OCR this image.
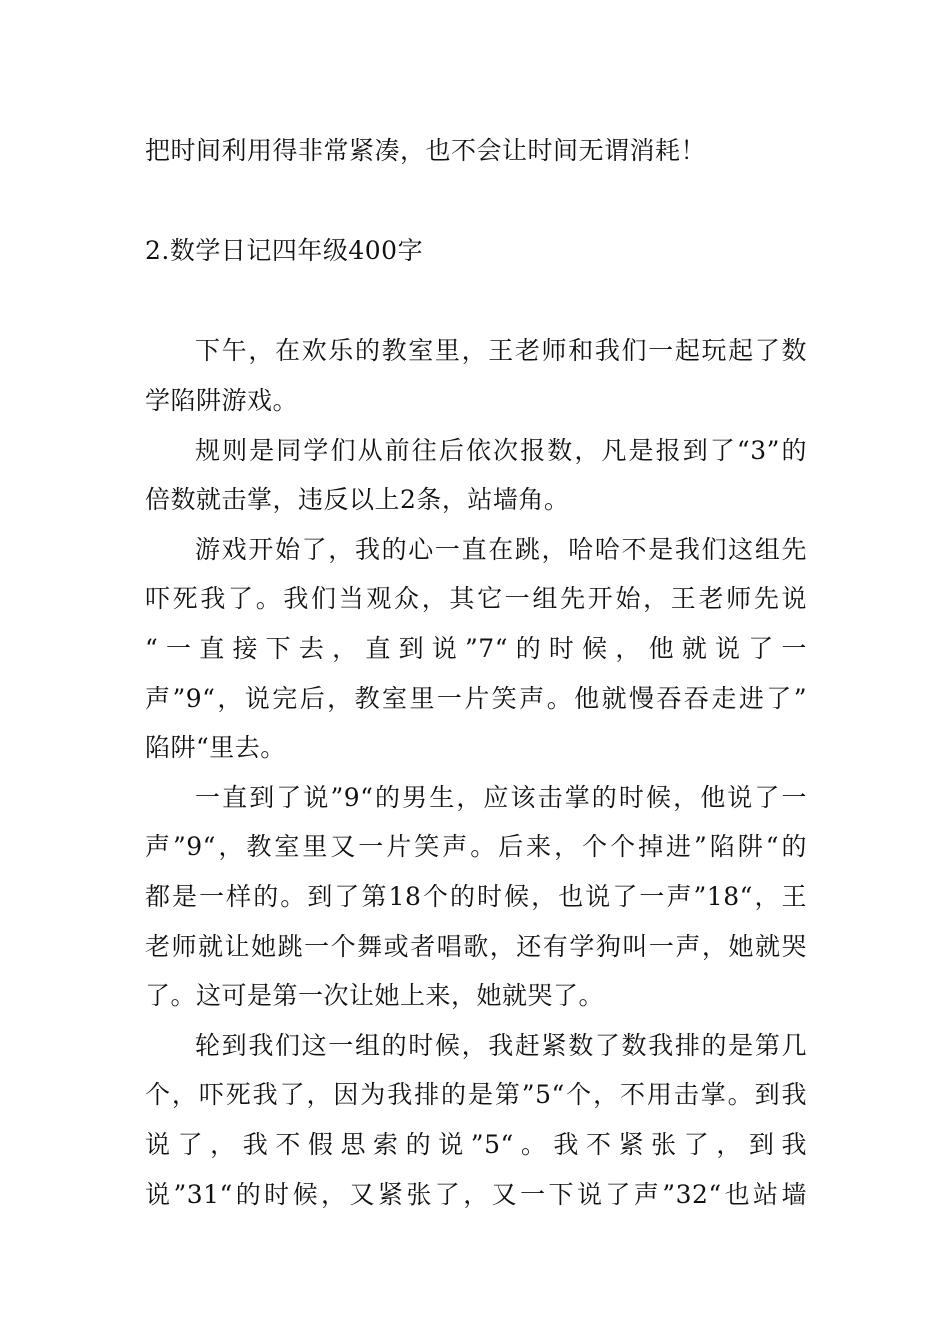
把时间利用得非常紧凑，也不会让时间无谓消耗！
2.数学日记四年级400字
下午，在欢乐的教室里，王老师和我们一起玩起了数
学陷阱游戏。
规则是同学们从前往后依次报数，凡是报到了“3”的
倍数就击掌，违反以上2条，站墙角。
游戏开始了，我的心一直在跳，哈哈不是我们这组先
吓死我了。我们当观众，其它一组先开始，王老师先说
“一直接下去，直到说”7“的时候，他就说了一
声”9“，说完后，教室里一片笑声。他就慢吞吞走进了”
陷阱“里去。
一直到了说”9“的男生，应该击掌的时候，他说了一
声”9“，教室里又一片笑声。后来，个个掉进”陷阱“的
都是一样的。到了第18个的时候，也说了一声”18“，王
老师就让她跳一个舞或者唱歌，还有学狗叫一声，她就哭
了。这可是第一次让她上来，她就哭了。
轮到我们这一组的时候，我赶紧数了数我排的是第几
个，吓死我了，因为我排的是第”5“个，不用击掌。到我
说了，我不假思索的说”5“。我不紧张了，到我
说”31“的时候，又紧张了，又一下说了声”32“也站墙
